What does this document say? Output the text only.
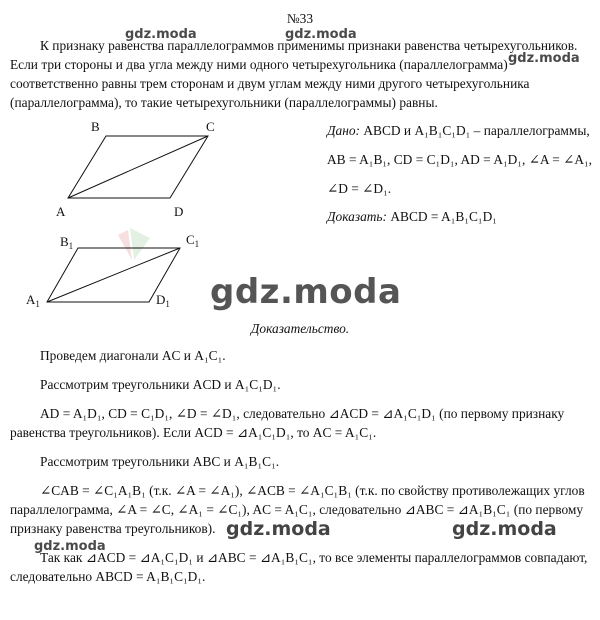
№33
gdz.moda	gdz.moda
gdz.moda
К признаку равенства параллелограммов применимы признаки равенства четырехугольников.
Если три стороны и два угла между ними одного четырехугольника (параллелограмма)
соответственно равны трем сторонам и двум углам между ними другого четырехугольника
(параллелограмма), то такие четырехугольники (параллелограммы) равны.
B	C
A	D
$B_1$	$C_1$
$A_1$	$D_1$
Дано: ABCD и A₁B₁C₁D₁ – параллелограммы,
AB = A₁B₁, CD = C₁D₁, AD = A₁D₁, ∠A = ∠A₁,
∠D = ∠D₁.
Доказать: ABCD = A₁B₁C₁D₁
gdz.moda
Доказательство.
Проведем диагонали AC и A₁C₁.
Рассмотрим треугольники ACD и A₁C₁D₁.
AD = A₁D₁, CD = C₁D₁, ∠D = ∠D₁, следовательно ⊿ACD = ⊿A₁C₁D₁ (по первому признаку
равенства треугольников). Если ACD = ⊿A₁C₁D₁, то AC = A₁C₁.
Рассмотрим треугольники ABC и A₁B₁C₁.
∠CAB = ∠C₁A₁B₁ (т.к. ∠A = ∠A₁), ∠ACB = ∠A₁C₁B₁ (т.к. по свойству противолежащих углов
параллелограмма, ∠A = ∠C, ∠A₁ = ∠C₁), AC = A₁C₁, следовательно ⊿ABC = ⊿A₁B₁C₁ (по первому
признаку равенства треугольников). gdz.moda	gdz.moda
gdz.moda
Так как ⊿ACD = ⊿A₁C₁D₁ и ⊿ABC = ⊿A₁B₁C₁, то все элементы параллелограммов совпадают,
следовательно ABCD = A₁B₁C₁D₁.
